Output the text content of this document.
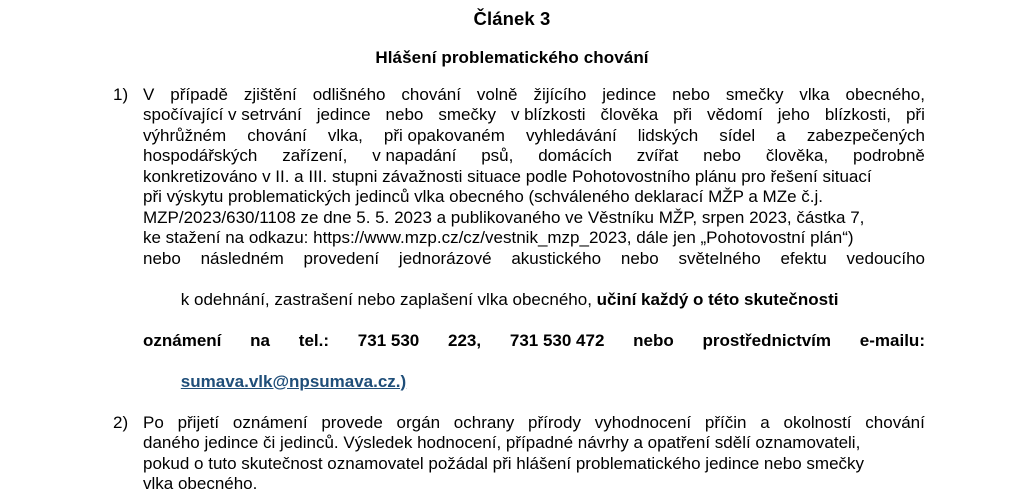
Článek 3
Hlášení problematického chování
1) V případě zjištění odlišného chování volně žijícího jedince nebo smečky vlka obecného,
spočívající v setrvání jedince nebo smečky v blízkosti člověka při vědomí jeho blízkosti, při
výhrůžném chování vlka, při opakovaném vyhledávání lidských sídel a zabezpečených
hospodářských zařízení, v napadání psů, domácích zvířat nebo člověka, podrobně
konkretizováno v II. a III. stupni závažnosti situace podle Pohotovostního plánu pro řešení situací
při výskytu problematických jedinců vlka obecného (schváleného deklarací MŽP a MZe č.j.
MZP/2023/630/1108 ze dne 5. 5. 2023 a publikovaného ve Věstníku MŽP, srpen 2023, částka 7,
ke stažení na odkazu: https://www.mzp.cz/cz/vestnik_mzp_2023, dále jen „Pohotovostní plán“)
nebo následném provedení jednorázové akustického nebo světelného efektu vedoucího

k odehnání, zastrašení nebo zaplašení vlka obecného, učiní každý o této skutečnosti

oznámení na tel.: 731 530 223, 731 530 472 nebo prostřednictvím e-mailu:

sumava.vlk@npsumava.cz.)

2) Po přijetí oznámení provede orgán ochrany přírody vyhodnocení příčin a okolností chování
daného jedince či jedinců. Výsledek hodnocení, případné návrhy a opatření sdělí oznamovateli,
pokud o tuto skutečnost oznamovatel požádal při hlášení problematického jedince nebo smečky
vlka obecného.
